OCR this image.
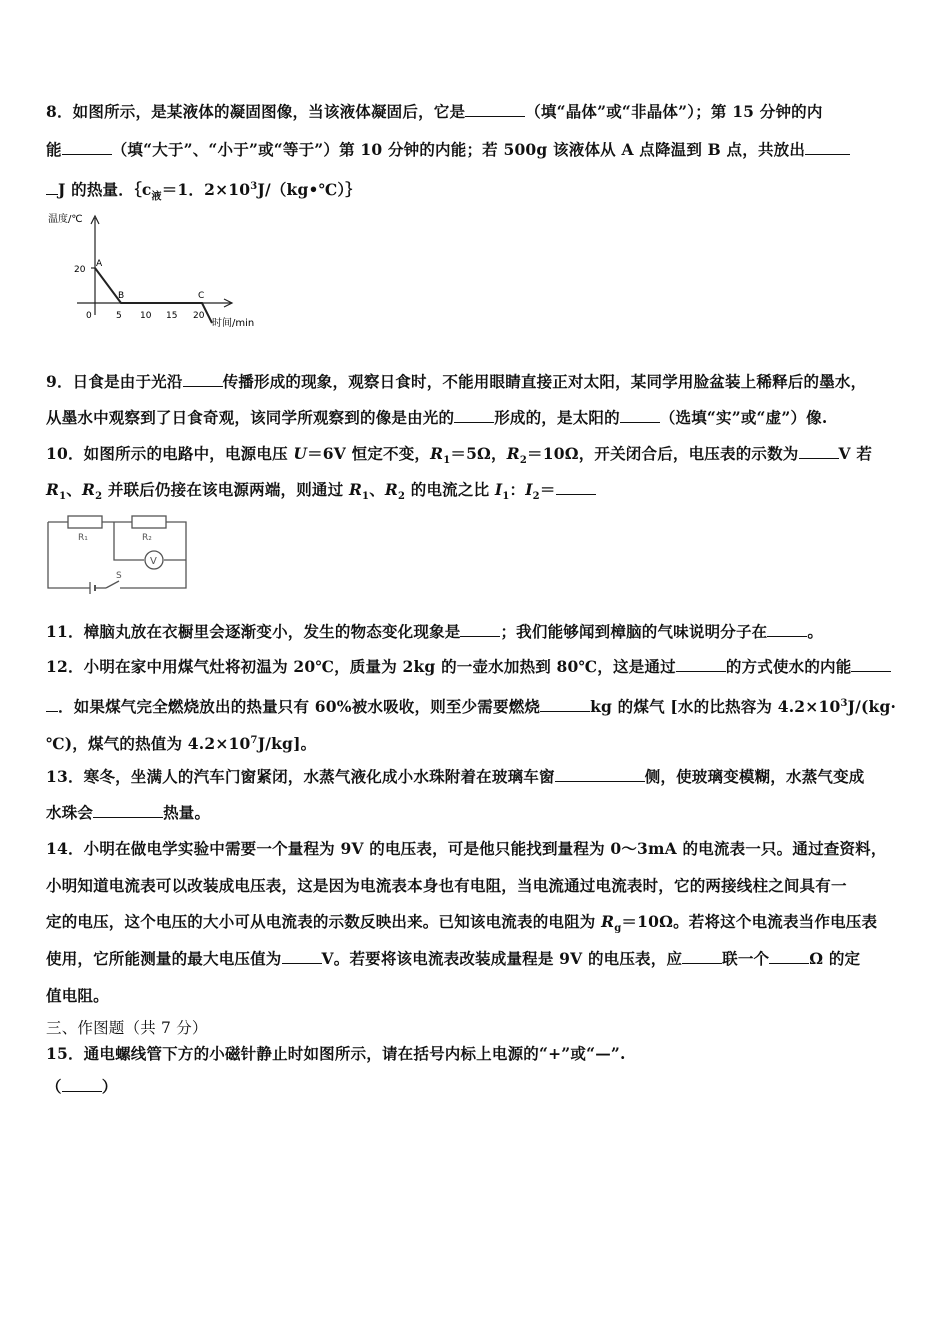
8．如图所示，是某液体的凝固图像，当该液体凝固后，它是	（填“晶体”或“非晶体”）；第 15 分钟的内
能	（填“大于”、“小于”或“等于”）第 10 分钟的内能；若 500g 该液体从 A 点降温到 B 点，共放出
J 的热量．$\{c_液=1$．$2\times 10^3J/(kg•℃)\}$
温度/℃
20
A
B	C
0	5 10 15 20
时间/min
9．日食是由于光沿	传播形成的现象，观察日食时，不能用眼睛直接正对太阳，某同学用脸盆装上稀释后的墨水，
从墨水中观察到了日食奇观，该同学所观察到的像是由光的	形成的，是太阳的	（选填“实”或“虚”）像.
10．如图所示的电路中，电源电压 U＝6V 恒定不变，$R_1=5\Omega$，$R_2=10\Omega$，开关闭合后，电压表的示数为	V 若
$R_1$、$R_2$ 并联后仍接在该电源两端，则通过 $R_1$、$R_2$ 的电流之比 $I_1$：$I_2=$
R₁	R₂
V
S
11．樟脑丸放在衣橱里会逐渐变小，发生的物态变化现象是	；我们能够闻到樟脑的气味说明分子在	。
12．小明在家中用煤气灶将初温为 20℃，质量为 2kg 的一壶水加热到 80℃，这是通过	的方式使水的内能
．如果煤气完全燃烧放出的热量只有 60%被水吸收，则至少需要燃烧	kg 的煤气 [水的比热容为 $4.2\times 10^3J/(kg\cdot$
℃)，煤气的热值为 $4.2\times 10^7J/kg$]。
13．寒冬，坐满人的汽车门窗紧闭，水蒸气液化成小水珠附着在玻璃车窗	侧，使玻璃变模糊，水蒸气变成
水珠会	热量。
14．小明在做电学实验中需要一个量程为 9V 的电压表，可是他只能找到量程为 0～3mA 的电流表一只。通过查资料，
小明知道电流表可以改装成电压表，这是因为电流表本身也有电阻，当电流通过电流表时，它的两接线柱之间具有一
定的电压，这个电压的大小可从电流表的示数反映出来。已知该电流表的电阻为 $R_g=10\Omega$。若将这个电流表当作电压表
使用，它所能测量的最大电压值为	V。若要将该电流表改装成量程是 9V 的电压表，应	联一个	Ω 的定
值电阻。
三、作图题（共 7 分）
15．通电螺线管下方的小磁针静止时如图所示，请在括号内标上电源的“+”或“—”.
（	）
